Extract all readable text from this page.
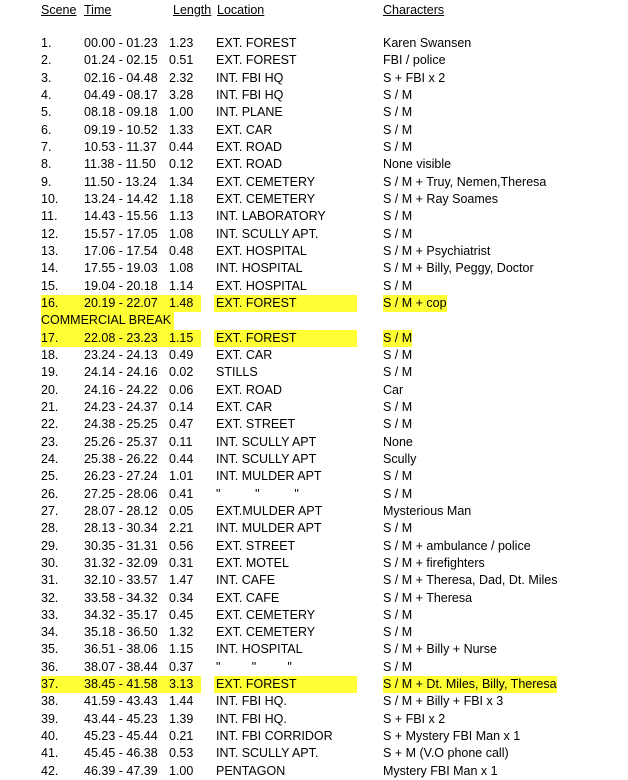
Scene Time	Length Location	Characters
1.	00.00 - 01.23 1.23 EXT. FOREST	Karen Swansen
2.	01.24 - 02.15 0.51 EXT. FOREST	FBI / police
3.	02.16 - 04.48 2.32 INT. FBI HQ	S + FBI x 2
4.	04.49 - 08.17 3.28 INT. FBI HQ	S / M
5.	08.18 - 09.18 1.00 INT. PLANE	S / M
6.	09.19 - 10.52 1.33 EXT. CAR	S / M
7.	10.53 - 11.37 0.44 EXT. ROAD	S / M
8.	11.38 - 11.50 0.12 EXT. ROAD	None visible
9.	11.50 - 13.24 1.34 EXT. CEMETERY	S / M + Truy, Nemen,Theresa
10. 13.24 - 14.42 1.18 EXT. CEMETERY	S / M + Ray Soames
11. 14.43 - 15.56 1.13 INT. LABORATORY	S / M
12. 15.57 - 17.05 1.08 INT. SCULLY APT.	S / M
13. 17.06 - 17.54 0.48 EXT. HOSPITAL	S / M + Psychiatrist
14. 17.55 - 19.03 1.08 INT. HOSPITAL	S / M + Billy, Peggy, Doctor
15. 19.04 - 20.18 1.14 EXT. HOSPITAL	S / M
16. 20.19 - 22.07 1.48 EXT. FOREST	S / M + cop
COMMERCIAL BREAK
17. 22.08 - 23.23 1.15 EXT. FOREST	S / M
18. 23.24 - 24.13 0.49 EXT. CAR	S / M
19. 24.14 - 24.16 0.02 STILLS	S / M
20. 24.16 - 24.22 0.06 EXT. ROAD	Car
21. 24.23 - 24.37 0.14 EXT. CAR	S / M
22. 24.38 - 25.25 0.47 EXT. STREET	S / M
23. 25.26 - 25.37 0.11 INT. SCULLY APT	None
24. 25.38 - 26.22 0.44 INT. SCULLY APT	Scully
25. 26.23 - 27.24 1.01 INT. MULDER APT	S / M
26. 27.25 - 28.06 0.41 "          "          "	S / M
27. 28.07 - 28.12 0.05 EXT.MULDER APT	Mysterious Man
28. 28.13 - 30.34 2.21 INT. MULDER APT	S / M
29. 30.35 - 31.31 0.56 EXT. STREET	S / M + ambulance / police
30. 31.32 - 32.09 0.31 EXT. MOTEL	S / M + firefighters
31. 32.10 - 33.57 1.47 INT. CAFE	S / M + Theresa, Dad, Dt. Miles
32. 33.58 - 34.32 0.34 EXT. CAFE	S / M + Theresa
33. 34.32 - 35.17 0.45 EXT. CEMETERY	S / M
34. 35.18 - 36.50 1.32 EXT. CEMETERY	S / M
35. 36.51 - 38.06 1.15 INT. HOSPITAL	S / M + Billy + Nurse
36. 38.07 - 38.44 0.37 "         "         "	S / M
37. 38.45 - 41.58 3.13 EXT. FOREST	S / M + Dt. Miles, Billy, Theresa
38. 41.59 - 43.43 1.44 INT. FBI HQ.	S / M + Billy + FBI x 3
39. 43.44 - 45.23 1.39 INT. FBI HQ.	S + FBI x 2
40. 45.23 - 45.44 0.21 INT. FBI CORRIDOR	S + Mystery FBI Man x 1
41. 45.45 - 46.38 0.53 INT. SCULLY APT.	S + M (V.O phone call)
42. 46.39 - 47.39 1.00 PENTAGON	Mystery FBI Man x 1
